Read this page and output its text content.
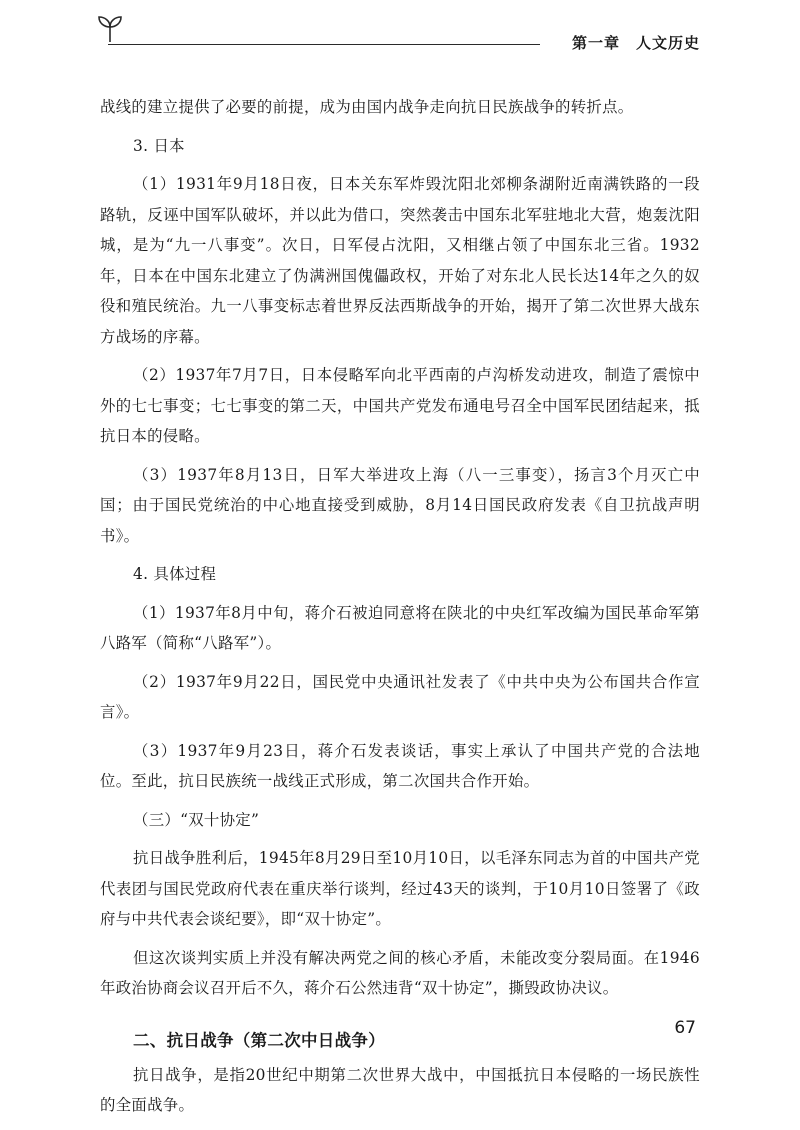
第一章　人文历史

战线的建立提供了必要的前提，成为由国内战争走向抗日民族战争的转折点。

3. 日本

（1）1931年9月18日夜，日本关东军炸毁沈阳北郊柳条湖附近南满铁路的一段路轨，反诬中国军队破坏，并以此为借口，突然袭击中国东北军驻地北大营，炮轰沈阳城，是为“九一八事变”。次日，日军侵占沈阳，又相继占领了中国东北三省。1932年，日本在中国东北建立了伪满洲国傀儡政权，开始了对东北人民长达14年之久的奴役和殖民统治。九一八事变标志着世界反法西斯战争的开始，揭开了第二次世界大战东方战场的序幕。

（2）1937年7月7日，日本侵略军向北平西南的卢沟桥发动进攻，制造了震惊中外的七七事变；七七事变的第二天，中国共产党发布通电号召全中国军民团结起来，抵抗日本的侵略。

（3）1937年8月13日，日军大举进攻上海（八一三事变），扬言3个月灭亡中国；由于国民党统治的中心地直接受到威胁，8月14日国民政府发表《自卫抗战声明书》。

4. 具体过程

（1）1937年8月中旬，蒋介石被迫同意将在陕北的中央红军改编为国民革命军第八路军（简称“八路军”）。

（2）1937年9月22日，国民党中央通讯社发表了《中共中央为公布国共合作宣言》。

（3）1937年9月23日，蒋介石发表谈话，事实上承认了中国共产党的合法地位。至此，抗日民族统一战线正式形成，第二次国共合作开始。

（三）“双十协定”

抗日战争胜利后，1945年8月29日至10月10日，以毛泽东同志为首的中国共产党代表团与国民党政府代表在重庆举行谈判，经过43天的谈判，于10月10日签署了《政府与中共代表会谈纪要》，即“双十协定”。

但这次谈判实质上并没有解决两党之间的核心矛盾，未能改变分裂局面。在1946年政治协商会议召开后不久，蒋介石公然违背“双十协定”，撕毁政协决议。

二、抗日战争（第二次中日战争）

抗日战争，是指20世纪中期第二次世界大战中，中国抵抗日本侵略的一场民族性的全面战争。

67
